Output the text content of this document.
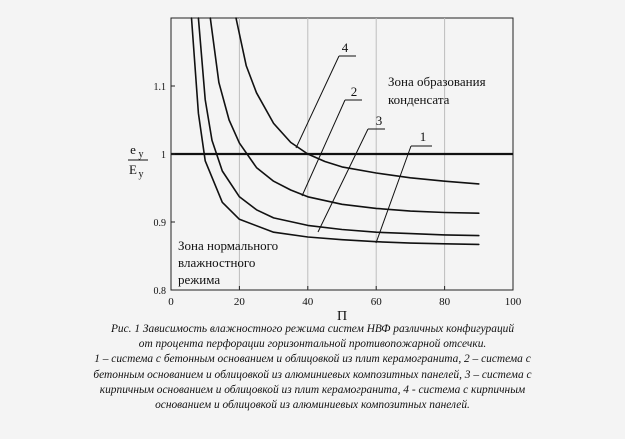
0	20	40	60	80	100
0.8
0.9
1
1.1
e y
E y
П
4
2
3
1
Зона образования
конденсата
Зона нормального
влажностного
режима

Рис. 1 Зависимость влажностного режима систем НВФ различных конфигураций

от процента перфорации горизонтальной противопожарной отсечки.

1 – система с бетонным основанием и облицовкой из плит керамогранита, 2 – система с

бетонным основанием и облицовкой из алюминиевых композитных панелей, 3 – система с

кирпичным основанием и облицовкой из плит керамогранита, 4 - система с кирпичным

основанием и облицовкой из алюминиевых композитных панелей.
